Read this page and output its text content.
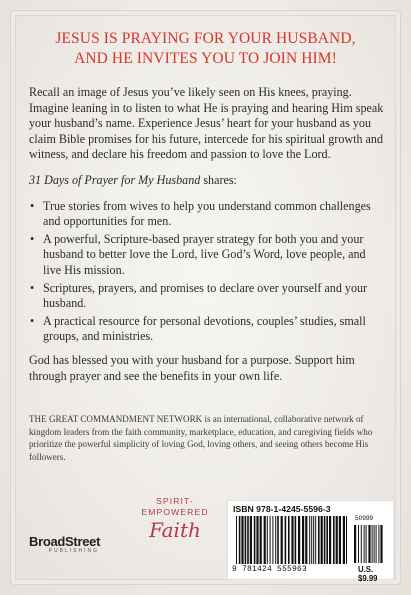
JESUS IS PRAYING FOR YOUR HUSBAND,
AND HE INVITES YOU TO JOIN HIM!

Recall an image of Jesus you’ve likely seen on His knees, praying. Imagine leaning in to listen to what He is praying and hearing Him speak your husband’s name. Experience Jesus’ heart for your husband as you claim Bible promises for his future, intercede for his spiritual growth and witness, and declare his freedom and passion to love the Lord.

31 Days of Prayer for My Husband shares:

• True stories from wives to help you understand common challenges and opportunities for men.
• A powerful, Scripture-based prayer strategy for both you and your husband to better love the Lord, live God’s Word, love people, and live His mission.
• Scriptures, prayers, and promises to declare over yourself and your husband.
• A practical resource for personal devotions, couples’ studies, small groups, and ministries.

God has blessed you with your husband for a purpose. Support him through prayer and see the benefits in your own life.

THE GREAT COMMANDMENT NETWORK is an international, collaborative network of kingdom leaders from the faith community, marketplace, education, and caregiving fields who prioritize the powerful simplicity of loving God, loving others, and seeing others become His followers.

BroadStreet
PUBLISHING
SPIRIT-
EMPOWERED
Faith
ISBN 978-1-4245-5596-3
50999
9 781424 555963	U.S. $9.99
